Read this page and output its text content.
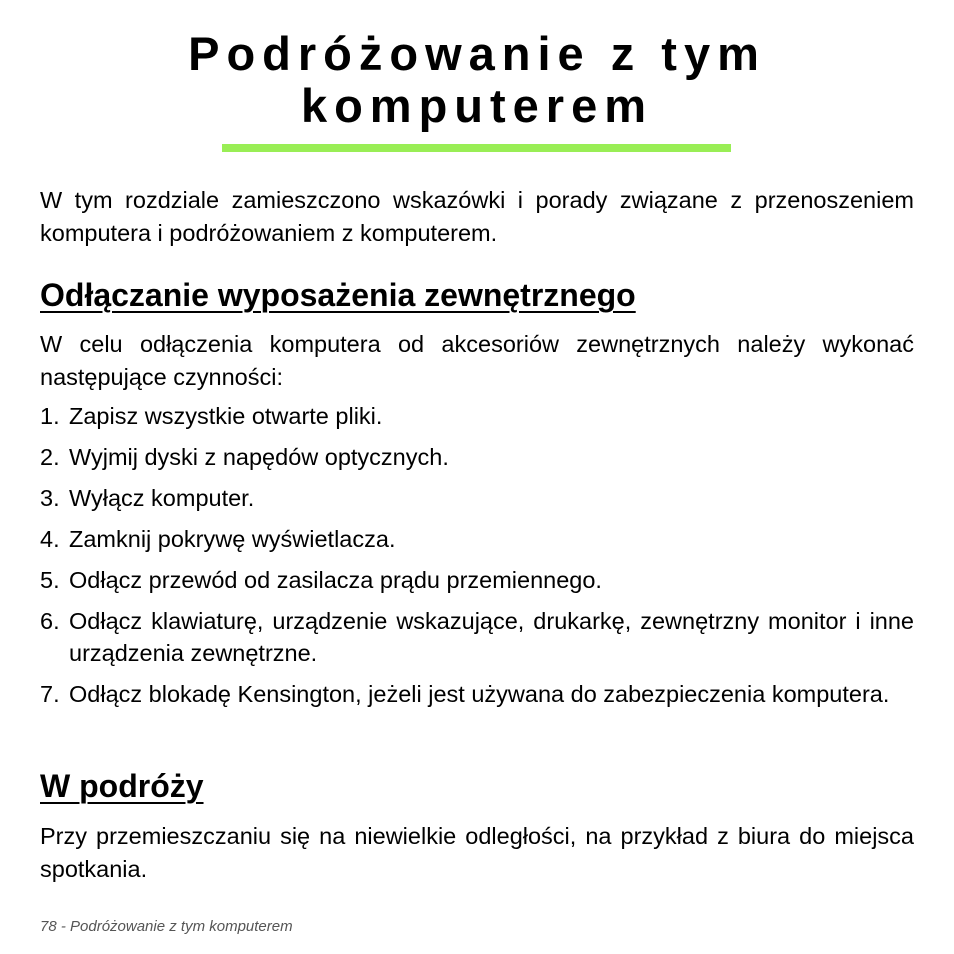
Podróżowanie z tym
komputerem

W tym rozdziale zamieszczono wskazówki i porady związane z przenoszeniem komputera i podróżowaniem z komputerem.

Odłączanie wyposażenia zewnętrznego

W celu odłączenia komputera od akcesoriów zewnętrznych należy wykonać następujące czynności:

1. Zapisz wszystkie otwarte pliki.
2. Wyjmij dyski z napędów optycznych.
3. Wyłącz komputer.
4. Zamknij pokrywę wyświetlacza.
5. Odłącz przewód od zasilacza prądu przemiennego.
6. Odłącz klawiaturę, urządzenie wskazujące, drukarkę, zewnętrzny monitor i inne urządzenia zewnętrzne.
7. Odłącz blokadę Kensington, jeżeli jest używana do zabezpieczenia komputera.
W podróży

Przy przemieszczaniu się na niewielkie odległości, na przykład z biura do miejsca spotkania.

78 - Podróżowanie z tym komputerem
